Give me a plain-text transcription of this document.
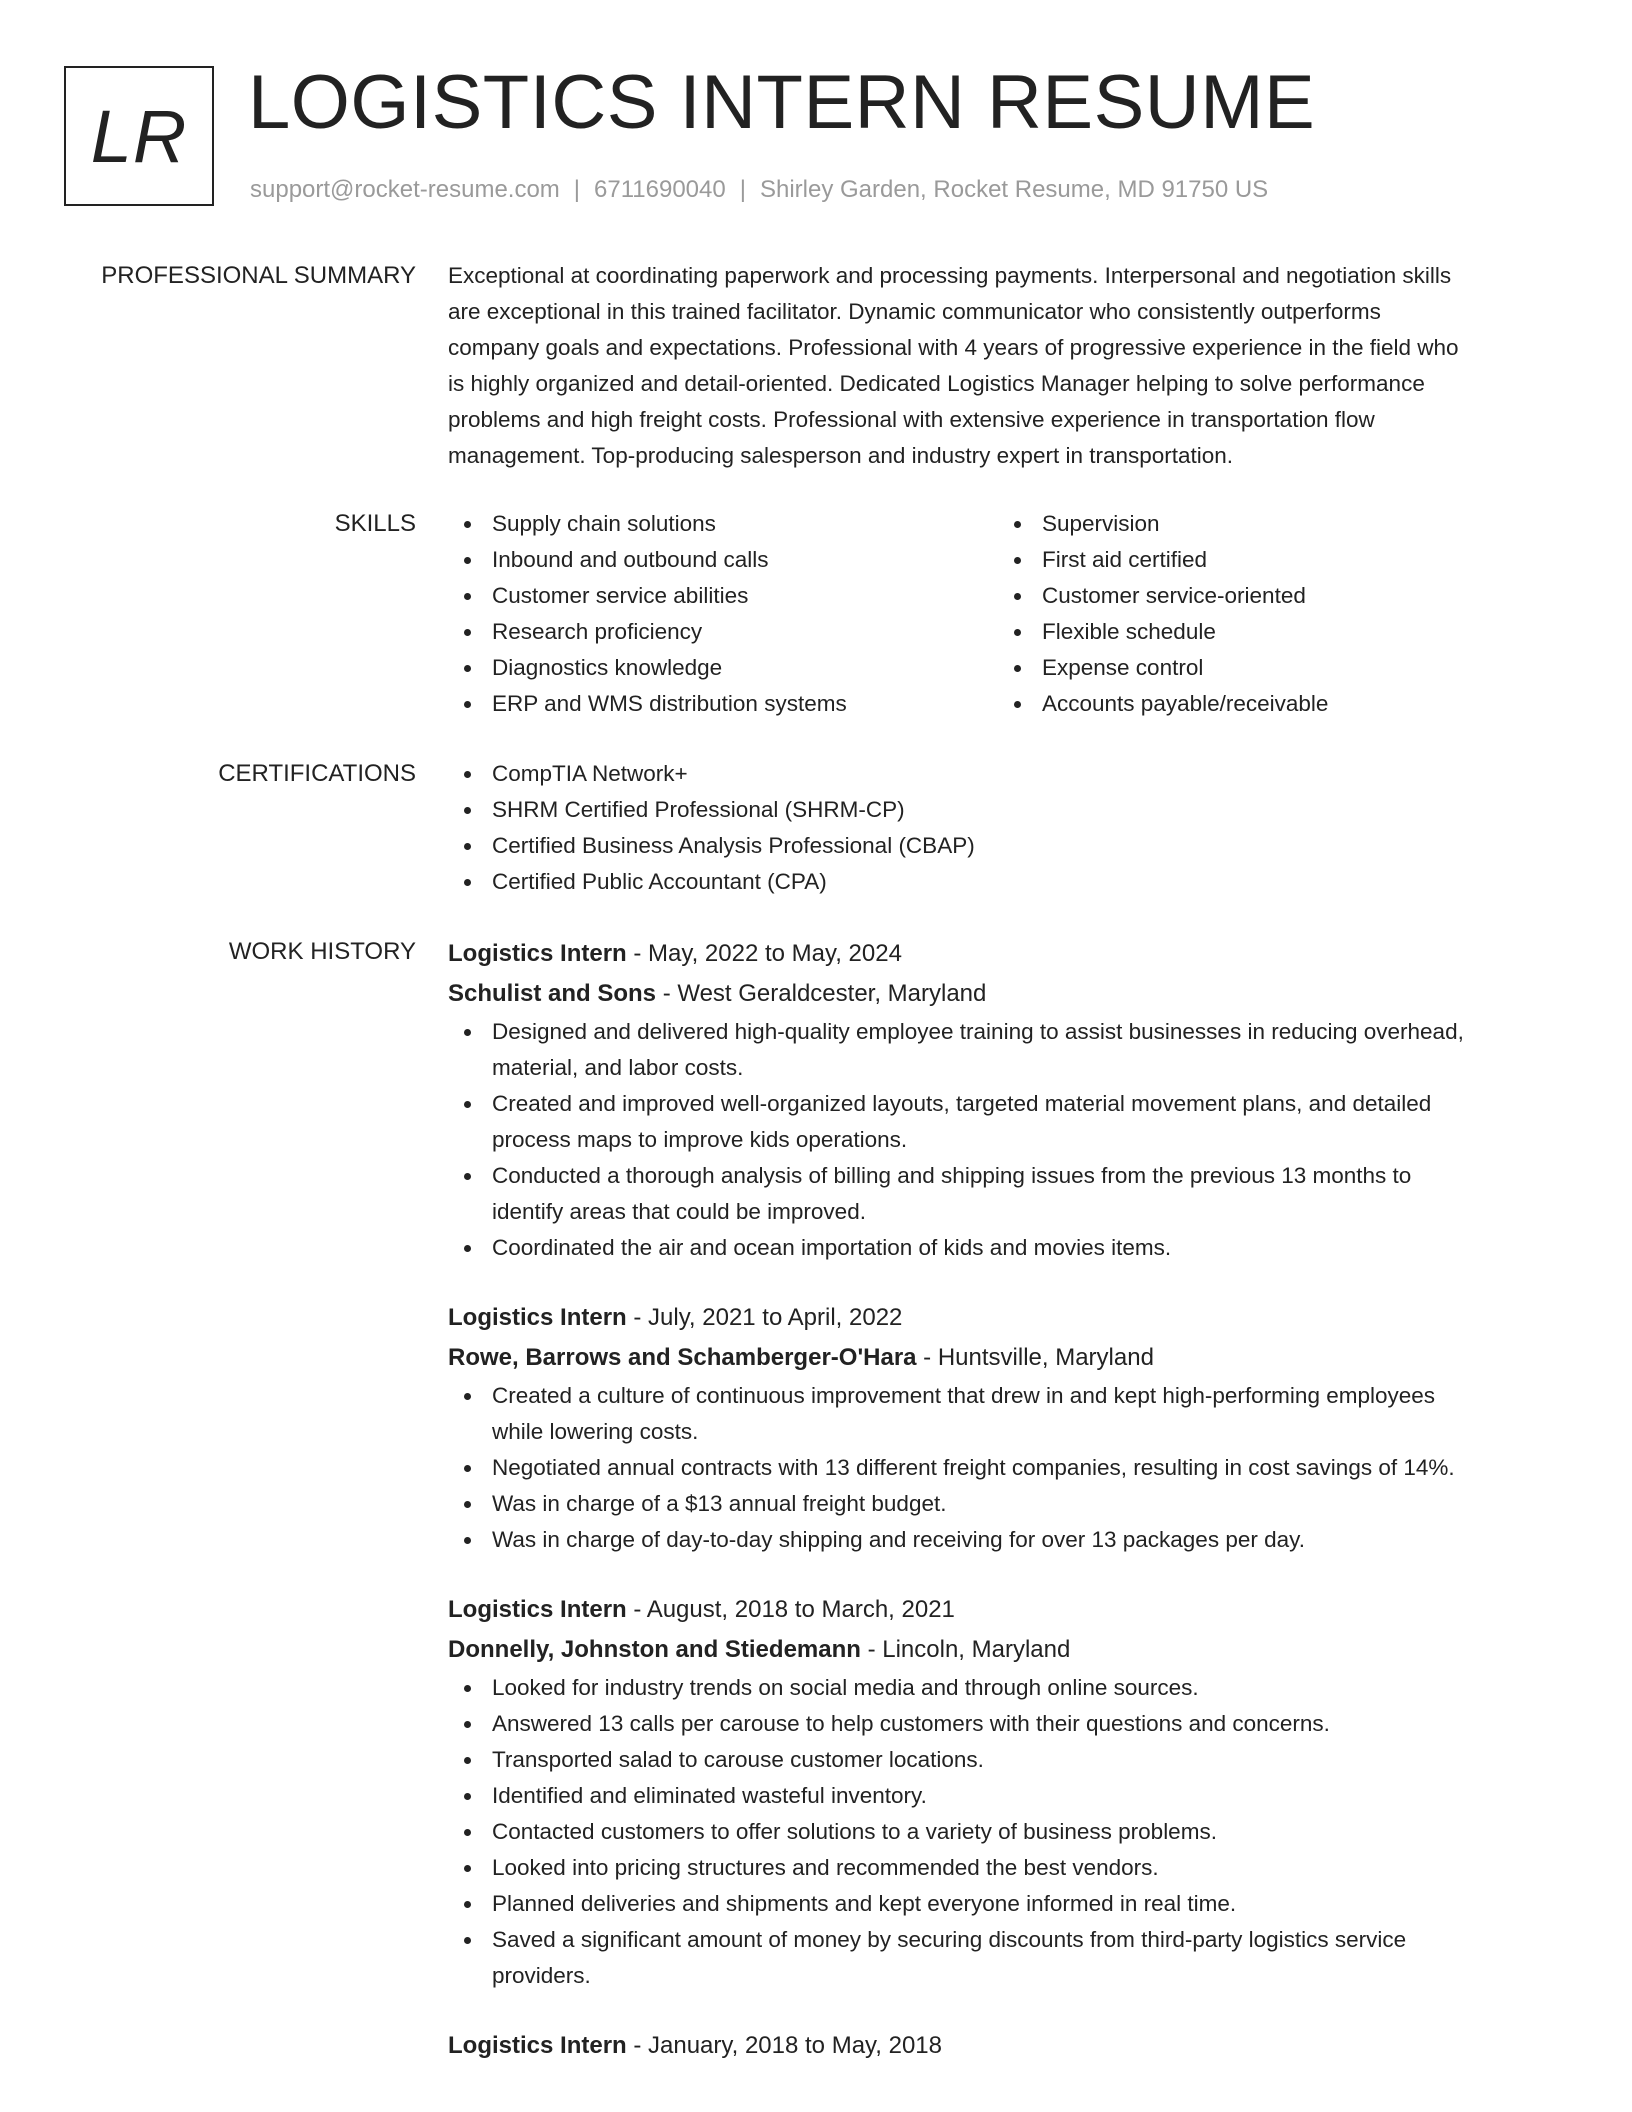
LR LOGISTICS INTERN RESUME
support@rocket-resume.com | 6711690040 | Shirley Garden, Rocket Resume, MD 91750 US
PROFESSIONAL SUMMARY Exceptional at coordinating paperwork and processing payments. Interpersonal and negotiation skills
are exceptional in this trained facilitator. Dynamic communicator who consistently outperforms
company goals and expectations. Professional with 4 years of progressive experience in the field who
is highly organized and detail-oriented. Dedicated Logistics Manager helping to solve performance
problems and high freight costs. Professional with extensive experience in transportation flow
management. Top-producing salesperson and industry expert in transportation.
SKILLS	Supply chain solutions
Inbound and outbound calls
Customer service abilities
Research proficiency
Diagnostics knowledge
ERP and WMS distribution systems
Supervision
First aid certified
Customer service-oriented
Flexible schedule
Expense control
Accounts payable/receivable
CERTIFICATIONS	CompTIA Network+
SHRM Certified Professional (SHRM-CP)
Certified Business Analysis Professional (CBAP)
Certified Public Accountant (CPA)
WORK HISTORY Logistics Intern - May, 2022 to May, 2024
Schulist and Sons - West Geraldcester, Maryland
Designed and delivered high-quality employee training to assist businesses in reducing overhead,
material, and labor costs.
Created and improved well-organized layouts, targeted material movement plans, and detailed
process maps to improve kids operations.
Conducted a thorough analysis of billing and shipping issues from the previous 13 months to
identify areas that could be improved.
Coordinated the air and ocean importation of kids and movies items.
Logistics Intern - July, 2021 to April, 2022
Rowe, Barrows and Schamberger-O'Hara - Huntsville, Maryland
Created a culture of continuous improvement that drew in and kept high-performing employees
while lowering costs.
Negotiated annual contracts with 13 different freight companies, resulting in cost savings of 14%.
Was in charge of a $13 annual freight budget.
Was in charge of day-to-day shipping and receiving for over 13 packages per day.
Logistics Intern - August, 2018 to March, 2021
Donnelly, Johnston and Stiedemann - Lincoln, Maryland
Looked for industry trends on social media and through online sources.
Answered 13 calls per carouse to help customers with their questions and concerns.
Transported salad to carouse customer locations.
Identified and eliminated wasteful inventory.
Contacted customers to offer solutions to a variety of business problems.
Looked into pricing structures and recommended the best vendors.
Planned deliveries and shipments and kept everyone informed in real time.
Saved a significant amount of money by securing discounts from third-party logistics service
providers.
Logistics Intern - January, 2018 to May, 2018
